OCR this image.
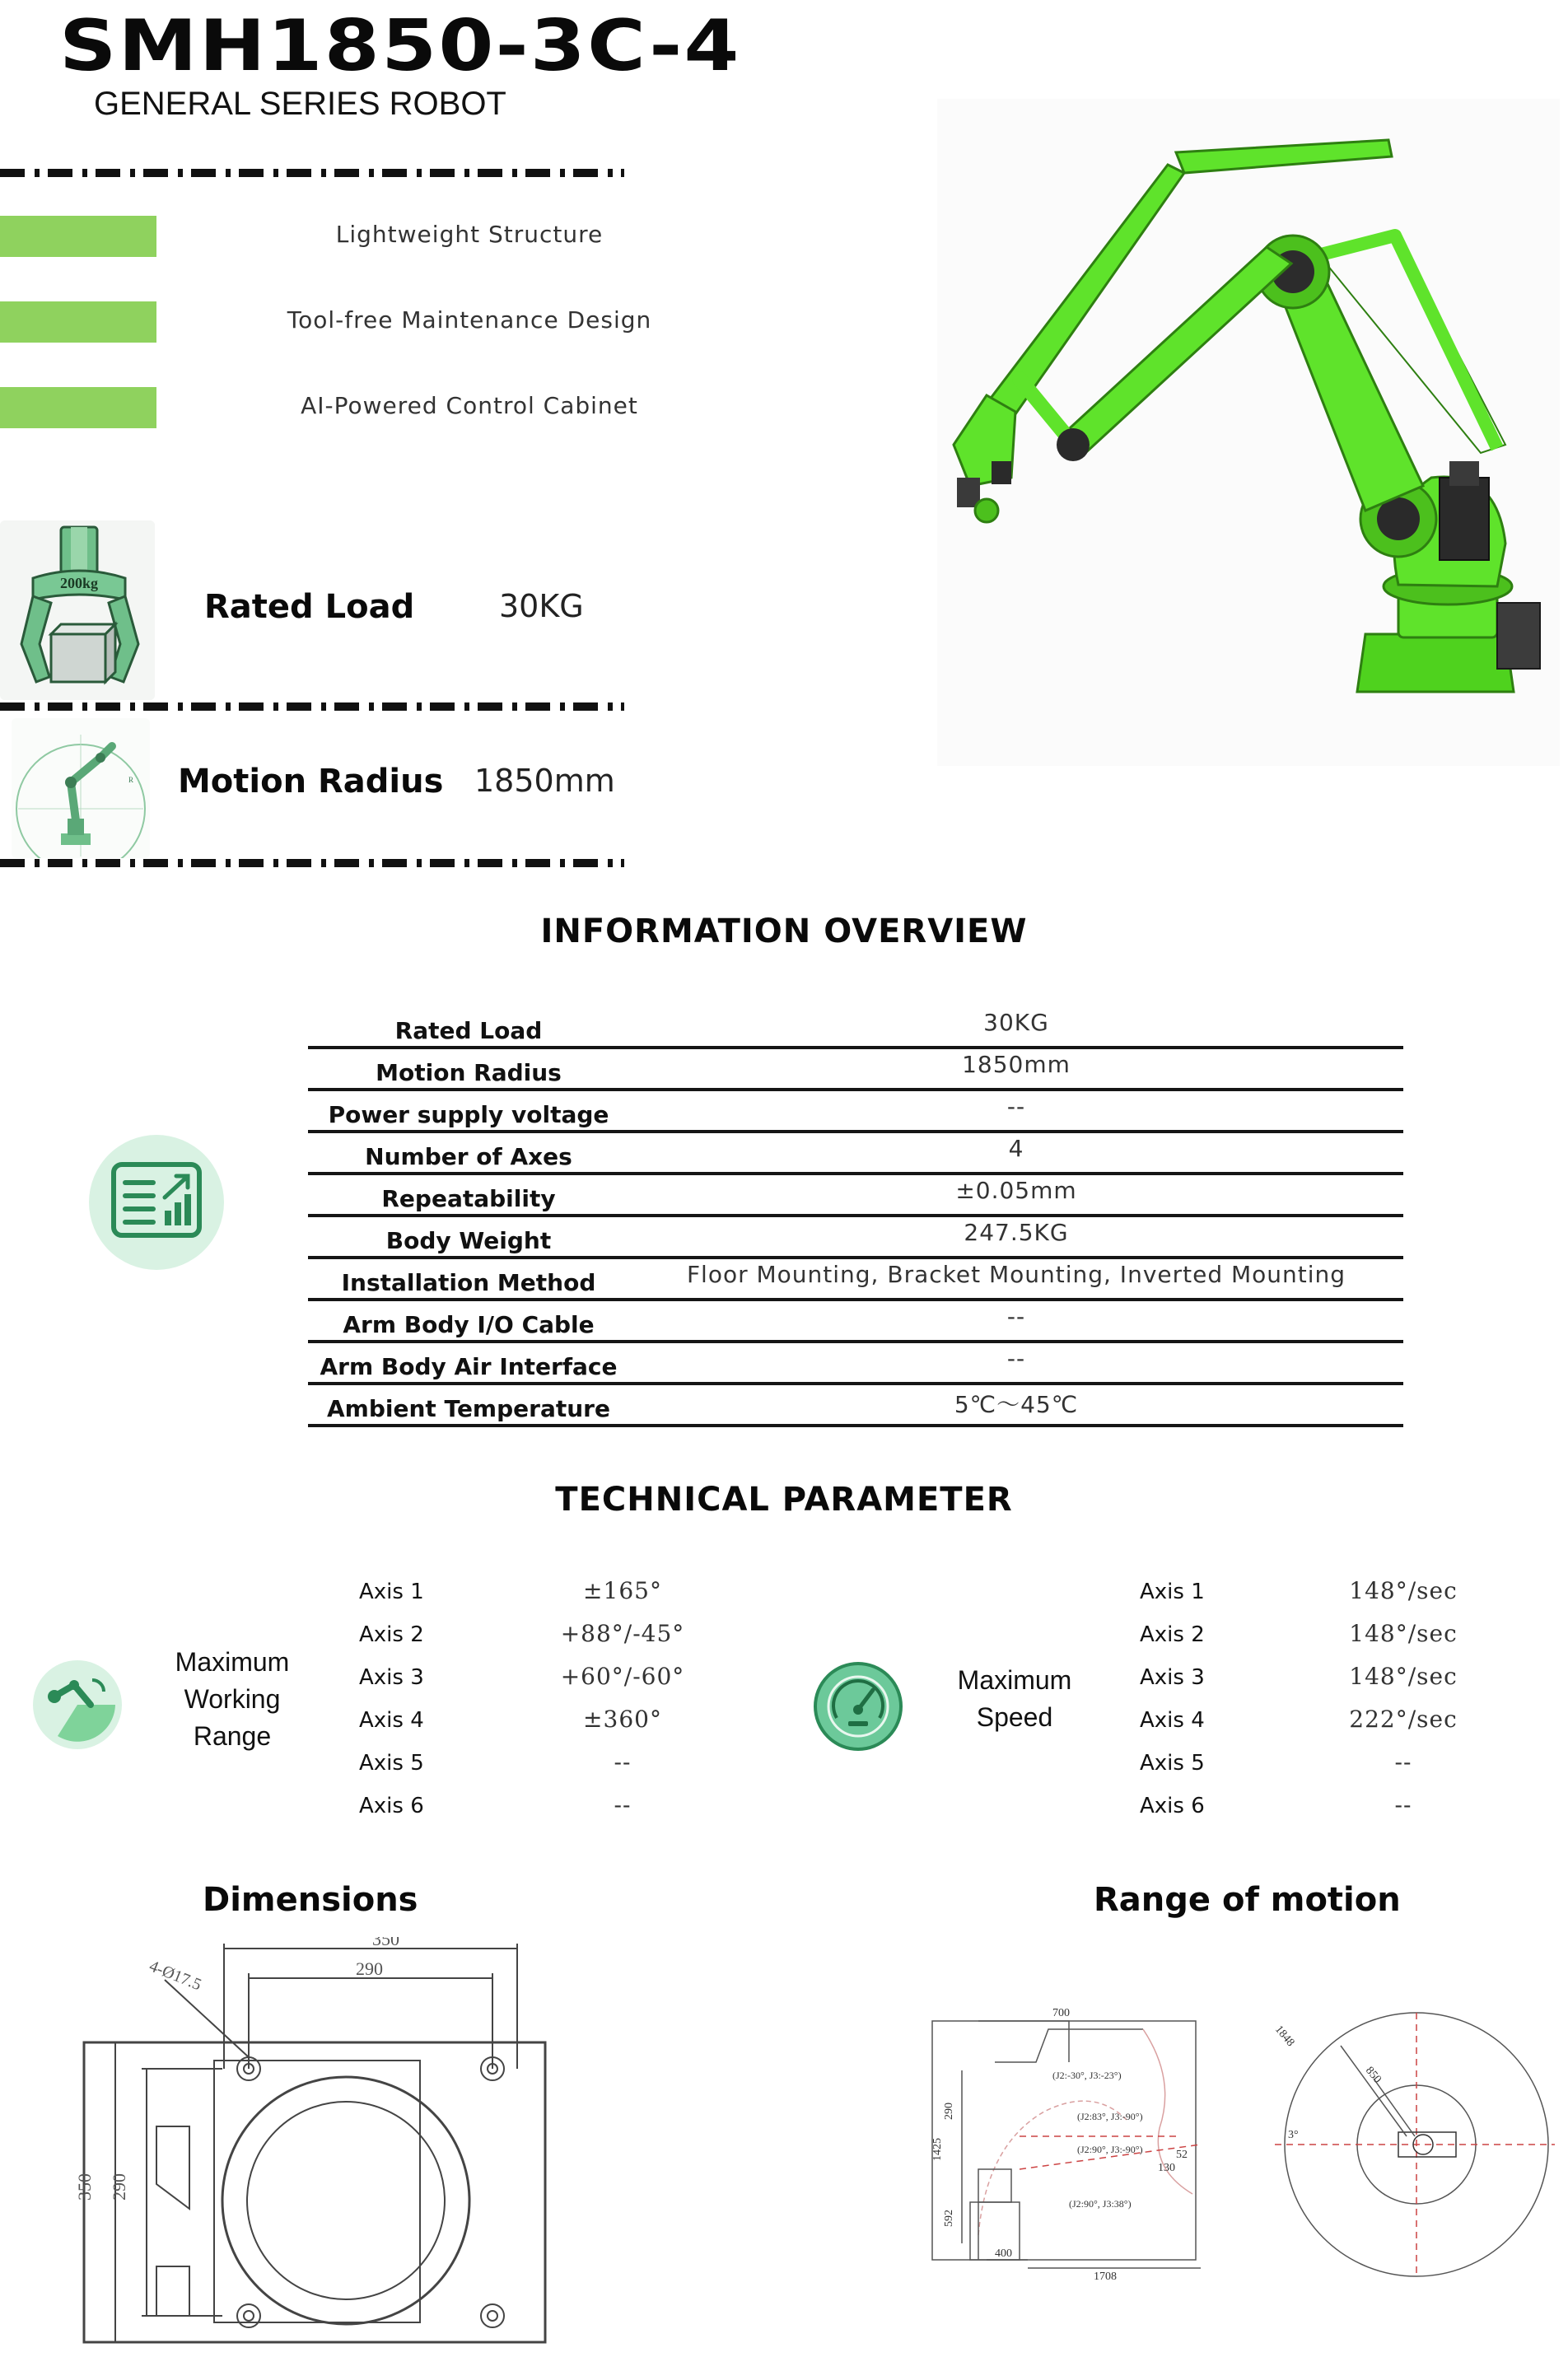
SMH1850-3C-4
GENERAL SERIES ROBOT
Lightweight Structure
Tool-free Maintenance Design
AI-Powered Control Cabinet
200kg
Rated Load	30KG
R Motion Radius 1850mm
INFORMATION OVERVIEW
Rated Load	30KG
Motion Radius	1850mm
Power supply voltage	--
Number of Axes	4
Repeatability	±0.05mm
Body Weight	247.5KG
Installation Method	Floor Mounting, Bracket Mounting, Inverted Mounting
Arm Body I/O Cable	--
Arm Body Air Interface	--
Ambient Temperature	5℃～45℃
TECHNICAL PARAMETER
Maximum
Working
Range
Axis 1	±165°
Axis 2	+88°/-45°
Axis 3	+60°/-60°
Axis 4	±360°
Axis 5	--
Axis 6	--
Maximum
Speed
Axis 1	148°/sec
Axis 2	148°/sec
Axis 3	148°/sec
Axis 4	222°/sec
Axis 5	--
Axis 6	--
Dimensions	Range of motion
350
290
4-Ø17.5
350 290
700
1708
400
290
1425
592
130
52
1848
850
3°
(J2:-30°, J3:-23°)
(J2:83°, J3:-90°)
(J2:90°, J3:-90°)
(J2:90°, J3:38°)
